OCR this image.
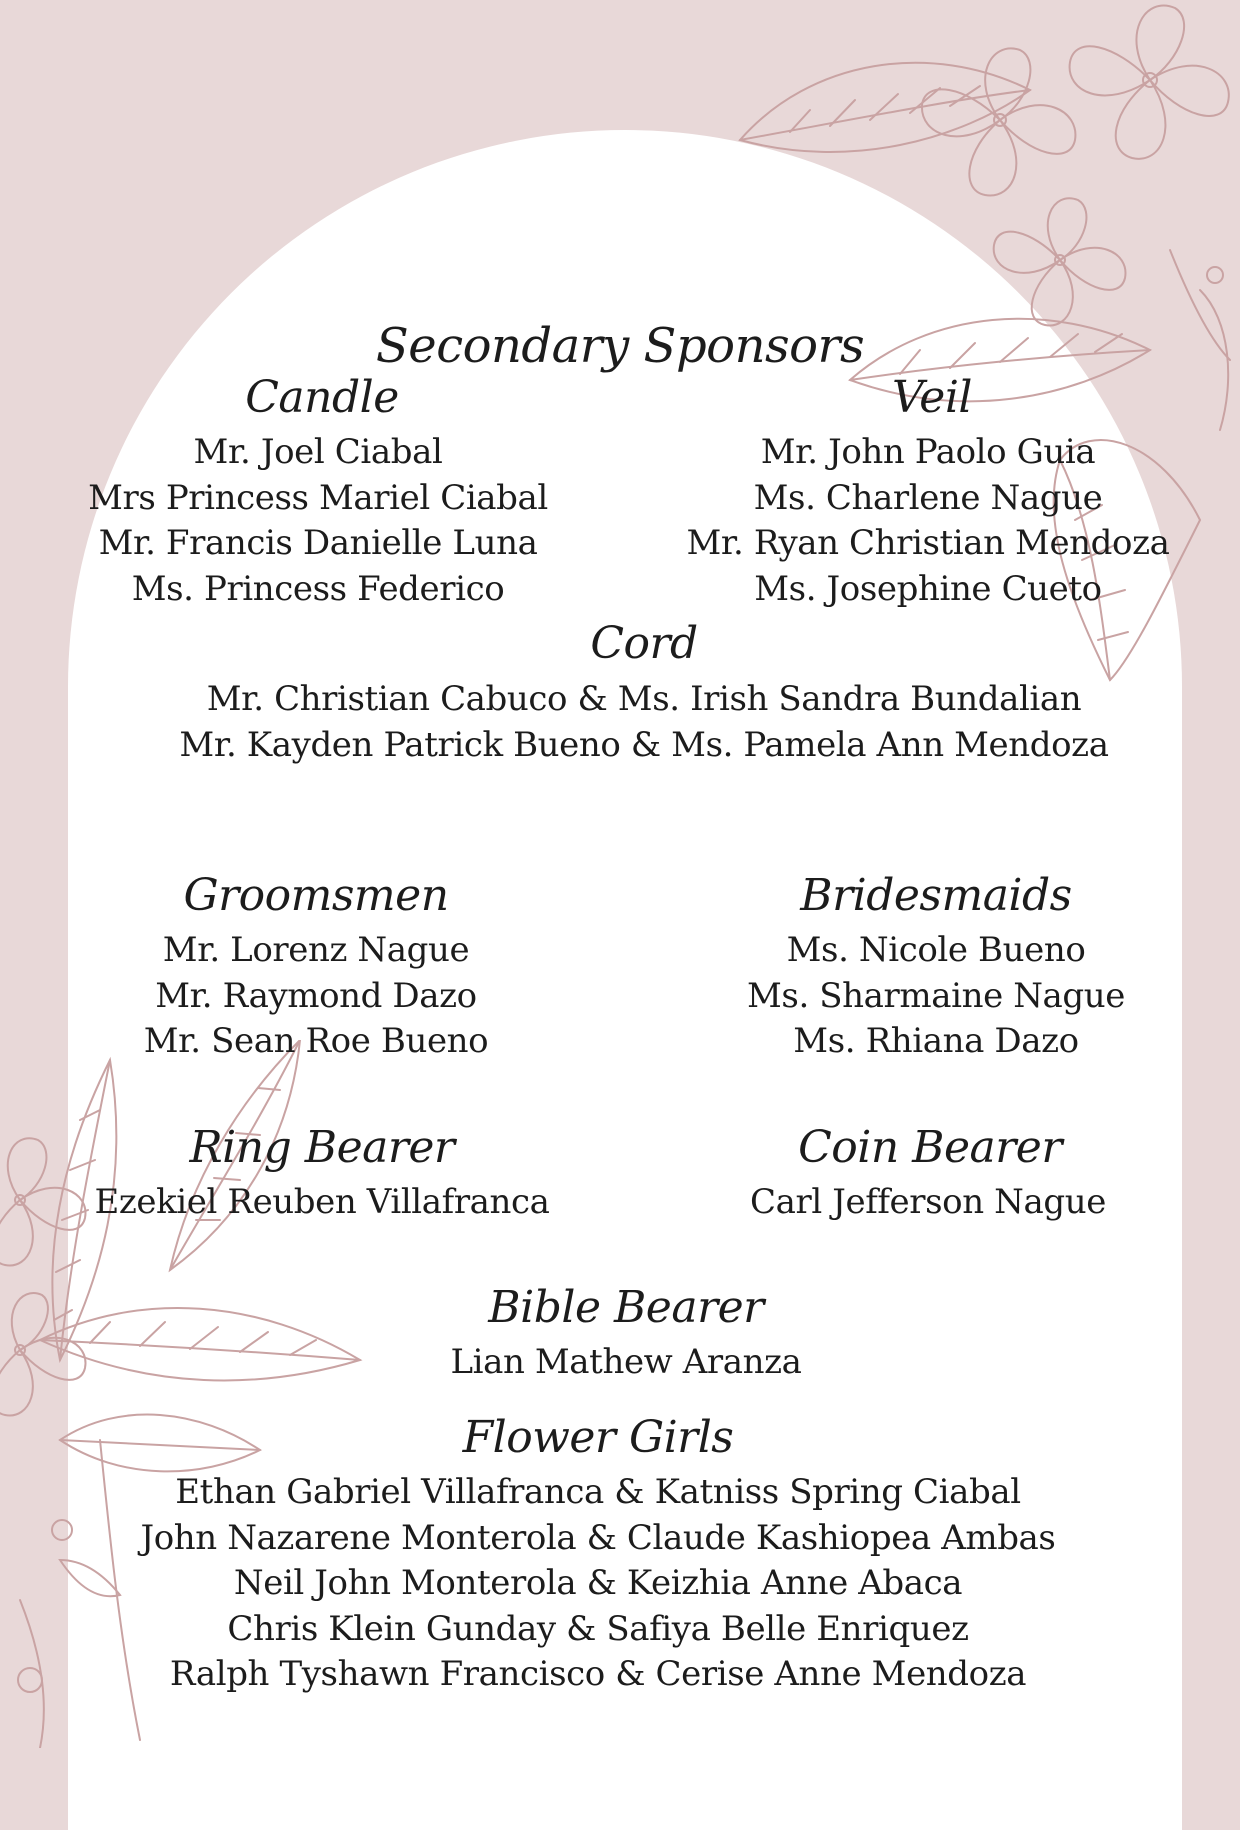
Secondary Sponsors
Candle
Mr. Joel Ciabal
Mrs Princess Mariel Ciabal
Mr. Francis Danielle Luna
Ms. Princess Federico
Veil
Mr. John Paolo Guia
Ms. Charlene Nague
Mr. Ryan Christian Mendoza
Ms. Josephine Cueto
Cord
Mr. Christian Cabuco & Ms. Irish Sandra Bundalian
Mr. Kayden Patrick Bueno & Ms. Pamela Ann Mendoza
Groomsmen
Mr. Lorenz Nague
Mr. Raymond Dazo
Mr. Sean Roe Bueno
Bridesmaids
Ms. Nicole Bueno
Ms. Sharmaine Nague
Ms. Rhiana Dazo
Ring Bearer
Ezekiel Reuben Villafranca
Coin Bearer
Carl Jefferson Nague
Bible Bearer
Lian Mathew Aranza
Flower Girls
Ethan Gabriel Villafranca & Katniss Spring Ciabal
John Nazarene Monterola & Claude Kashiopea Ambas
Neil John Monterola & Keizhia Anne Abaca
Chris Klein Gunday & Safiya Belle Enriquez
Ralph Tyshawn Francisco & Cerise Anne Mendoza
